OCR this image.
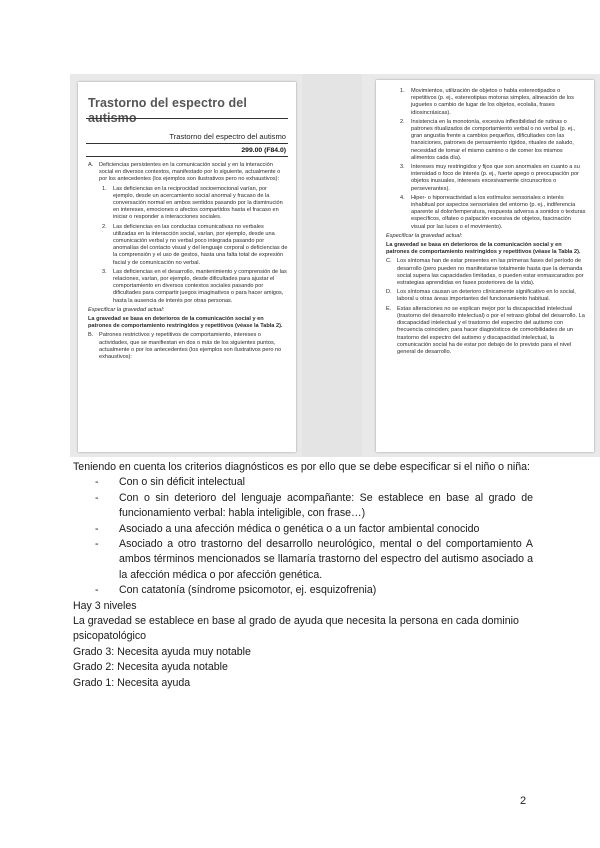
Trastorno del espectro del autismo
Trastorno del espectro del autismo
299.00 (F84.0)
A.	Deficiencias persistentes en la comunicación social y en la interacción social en diversos contextos, manifestado por lo siguiente, actualmente o por los antecedentes (los ejemplos son ilustrativos pero no exhaustivos):
1.	Las deficiencias en la reciprocidad socioemocional varían, por ejemplo, desde un acercamiento social anormal y fracaso de la conversación normal en ambos sentidos pasando por la disminución en intereses, emociones o afectos compartidos hasta el fracaso en iniciar o responder a interacciones sociales.
2.	Las deficiencias en las conductas comunicativas no verbales utilizadas en la interacción social, varían, por ejemplo, desde una comunicación verbal y no verbal poco integrada pasando por anomalías del contacto visual y del lenguaje corporal o deficiencias de la comprensión y el uso de gestos, hasta una falta total de expresión facial y de comunicación no verbal.
3.	Las deficiencias en el desarrollo, mantenimiento y comprensión de las relaciones, varían, por ejemplo, desde dificultades para ajustar el comportamiento en diversos contextos sociales pasando por dificultades para compartir juegos imaginativos o para hacer amigos, hasta la ausencia de interés por otras personas.

Especificar la gravedad actual:

La gravedad se basa en deterioros de la comunicación social y en patrones de comportamiento restringidos y repetitivos (véase la Tabla 2).

B.	Patrones restrictivos y repetitivos de comportamiento, intereses o actividades, que se manifiestan en dos o más de los siguientes puntos, actualmente o por los antecedentes (los ejemplos son ilustrativos pero no exhaustivos):
1.	Movimientos, utilización de objetos o habla estereotipados o repetitivos (p. ej., estereotipias motoras simples, alineación de los juguetes o cambio de lugar de los objetos, ecolalia, frases idiosincrásicas).
2.	Insistencia en la monotonía, excesiva inflexibilidad de rutinas o patrones ritualizados de comportamiento verbal o no verbal (p. ej., gran angustia frente a cambios pequeños, dificultades con las transiciones, patrones de pensamiento rígidos, rituales de saludo, necesidad de tomar el mismo camino o de comer los mismos alimentos cada día).
3.	Intereses muy restringidos y fijos que son anormales en cuanto a su intensidad o foco de interés (p. ej., fuerte apego o preocupación por objetos inusuales, intereses excesivamente circunscritos o perseverantes).
4.	Hiper- o hiporreactividad a los estímulos sensoriales o interés inhabitual por aspectos sensoriales del entorno (p. ej., indiferencia aparente al dolor/temperatura, respuesta adversa a sonidos o texturas específicos, olfateo o palpación excesiva de objetos, fascinación visual por las luces o el movimiento).

Especificar la gravedad actual:

La gravedad se basa en deterioros de la comunicación social y en patrones de comportamiento restringidos y repetitivos (véase la Tabla 2).

C. Los síntomas han de estar presentes en las primeras fases del período de desarrollo (pero pueden no manifestarse totalmente hasta que la demanda social supera las capacidades limitadas, o pueden estar enmascarados por estrategias aprendidas en fases posteriores de la vida).
D. Los síntomas causan un deterioro clínicamente significativo en lo social, laboral u otras áreas importantes del funcionamiento habitual.
E.	Estas alteraciones no se explican mejor por la discapacidad intelectual (trastorno del desarrollo intelectual) o por el retraso global del desarrollo. La discapacidad intelectual y el trastorno del espectro del autismo con frecuencia coinciden; para hacer diagnósticos de comorbilidades de un trastorno del espectro del autismo y discapacidad intelectual, la comunicación social ha de estar por debajo de lo previsto para el nivel general de desarrollo.

Teniendo en cuenta los criterios diagnósticos es por ello que se debe especificar si el niño o niña:

- Con o sin déficit intelectual
- Con o sin deterioro del lenguaje acompañante: Se establece en base al grado de funcionamiento verbal: habla inteligible, con frase…)
- Asociado a una afección médica o genética o a un factor ambiental conocido
- Asociado a otro trastorno del desarrollo neurológico, mental o del comportamiento A ambos términos mencionados se llamaría trastorno del espectro del autismo asociado a la afección médica o por afección genética.
- Con catatonía (síndrome psicomotor, ej. esquizofrenia)

Hay 3 niveles

La gravedad se establece en base al grado de ayuda que necesita la persona en cada dominio psicopatológico

Grado 3: Necesita ayuda muy notable

Grado 2: Necesita ayuda notable

Grado 1: Necesita ayuda

2
